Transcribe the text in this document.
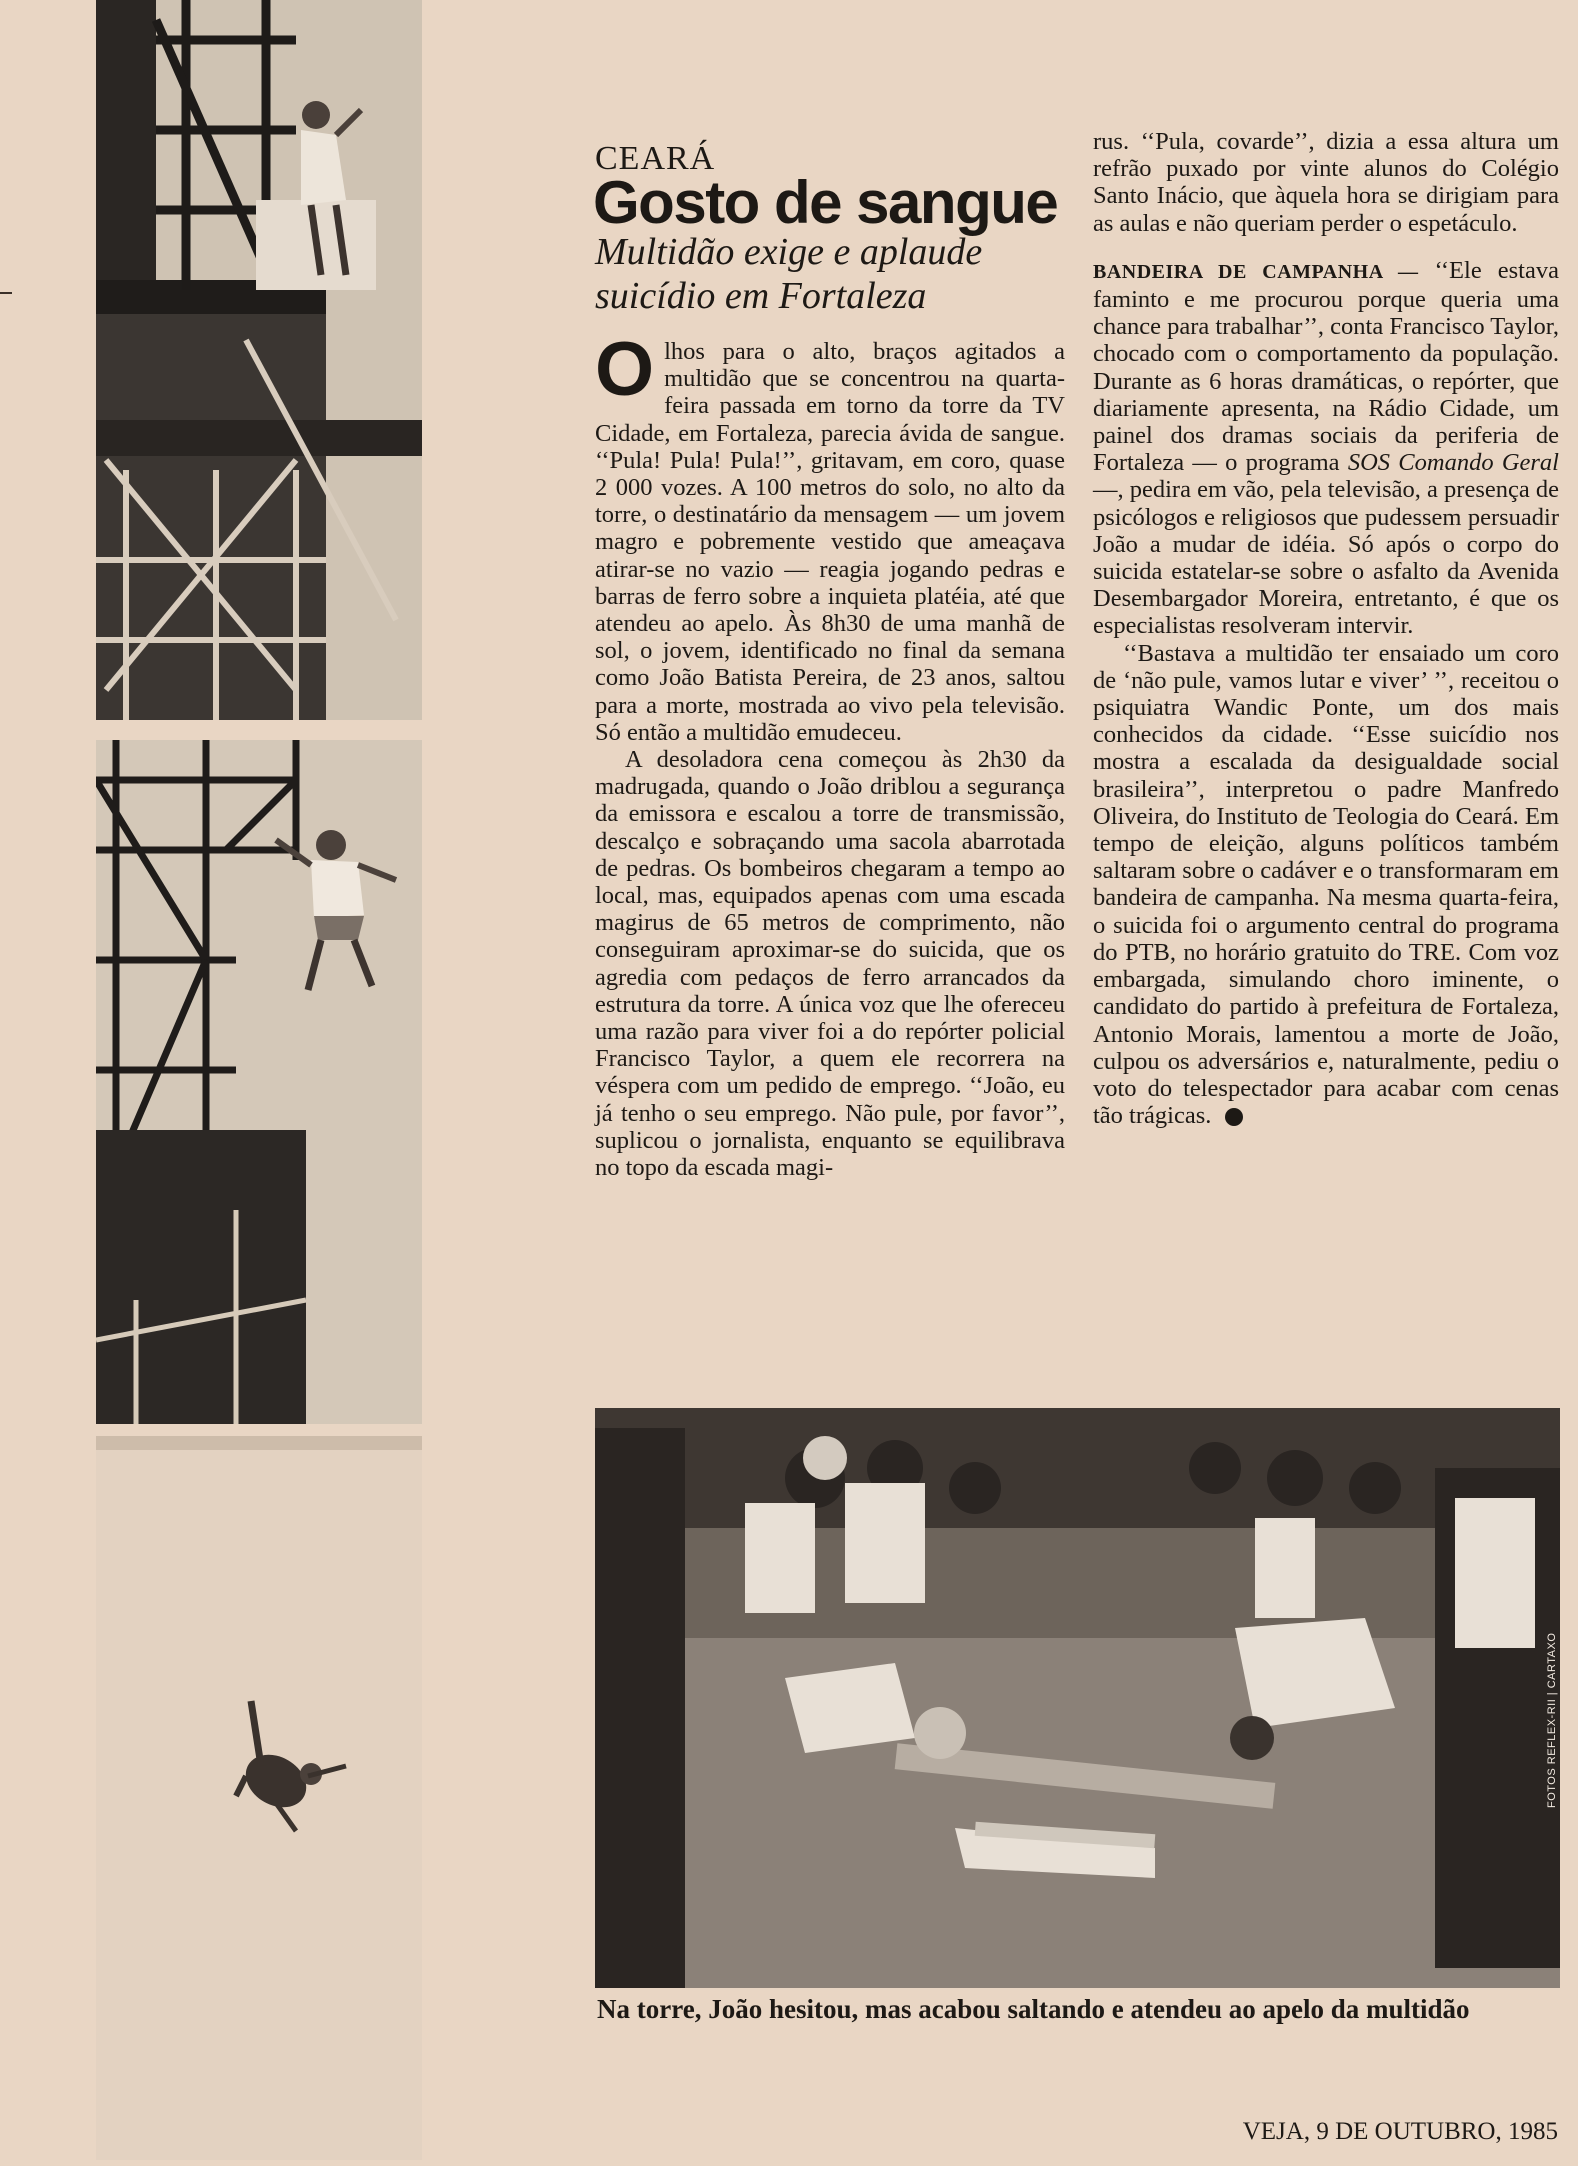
CEARÁ
Gosto de sangue
Multidão exige e aplaude suicídio em Fortaleza

Olhos para o alto, braços agitados a multidão que se concentrou na quarta-feira passada em torno da torre da TV Cidade, em Fortaleza, parecia ávida de sangue. ‘‘Pula! Pula! Pula!’’, gritavam, em coro, quase 2 000 vozes. A 100 metros do solo, no alto da torre, o destinatário da mensagem — um jovem magro e pobremente vestido que ameaçava atirar-se no vazio — reagia jogando pedras e barras de ferro sobre a inquieta platéia, até que atendeu ao apelo. Às 8h30 de uma manhã de sol, o jovem, identificado no final da semana como João Batista Pereira, de 23 anos, saltou para a morte, mostrada ao vivo pela televisão. Só então a multidão emudeceu.

A desoladora cena começou às 2h30 da madrugada, quando o João driblou a segurança da emissora e escalou a torre de transmissão, descalço e sobraçando uma sacola abarrotada de pedras. Os bombeiros chegaram a tempo ao local, mas, equipados apenas com uma escada magirus de 65 metros de comprimento, não conseguiram aproximar-se do suicida, que os agredia com pedaços de ferro arrancados da estrutura da torre. A única voz que lhe ofereceu uma razão para viver foi a do repórter policial Francisco Taylor, a quem ele recorrera na véspera com um pedido de emprego. ‘‘João, eu já tenho o seu emprego. Não pule, por favor’’, suplicou o jornalista, enquanto se equilibrava no topo da escada magi-

rus. ‘‘Pula, covarde’’, dizia a essa altura um refrão puxado por vinte alunos do Colégio Santo Inácio, que àquela hora se dirigiam para as aulas e não queriam perder o espetáculo.

BANDEIRA DE CAMPANHA — ‘‘Ele estava faminto e me procurou porque queria uma chance para trabalhar’’, conta Francisco Taylor, chocado com o comportamento da população. Durante as 6 horas dramáticas, o repórter, que diariamente apresenta, na Rádio Cidade, um painel dos dramas sociais da periferia de Fortaleza — o programa SOS Comando Geral —, pedira em vão, pela televisão, a presença de psicólogos e religiosos que pudessem persuadir João a mudar de idéia. Só após o corpo do suicida estatelar-se sobre o asfalto da Avenida Desembargador Moreira, entretanto, é que os especialistas resolveram intervir.

‘‘Bastava a multidão ter ensaiado um coro de ‘não pule, vamos lutar e viver’ ’’, receitou o psiquiatra Wandic Ponte, um dos mais conhecidos da cidade. ‘‘Esse suicídio nos mostra a escalada da desigualdade social brasileira’’, interpretou o padre Manfredo Oliveira, do Instituto de Teologia do Ceará. Em tempo de eleição, alguns políticos também saltaram sobre o cadáver e o transformaram em bandeira de campanha. Na mesma quarta-feira, o suicida foi o argumento central do programa do PTB, no horário gratuito do TRE. Com voz embargada, simulando choro iminente, o candidato do partido à prefeitura de Fortaleza, Antonio Morais, lamentou a morte de João, culpou os adversários e, naturalmente, pediu o voto do telespectador para acabar com cenas tão trágicas.

FOTOS REFLEX-RII | CARTAXO
Na torre, João hesitou, mas acabou saltando e atendeu ao apelo da multidão
VEJA, 9 DE OUTUBRO, 1985
